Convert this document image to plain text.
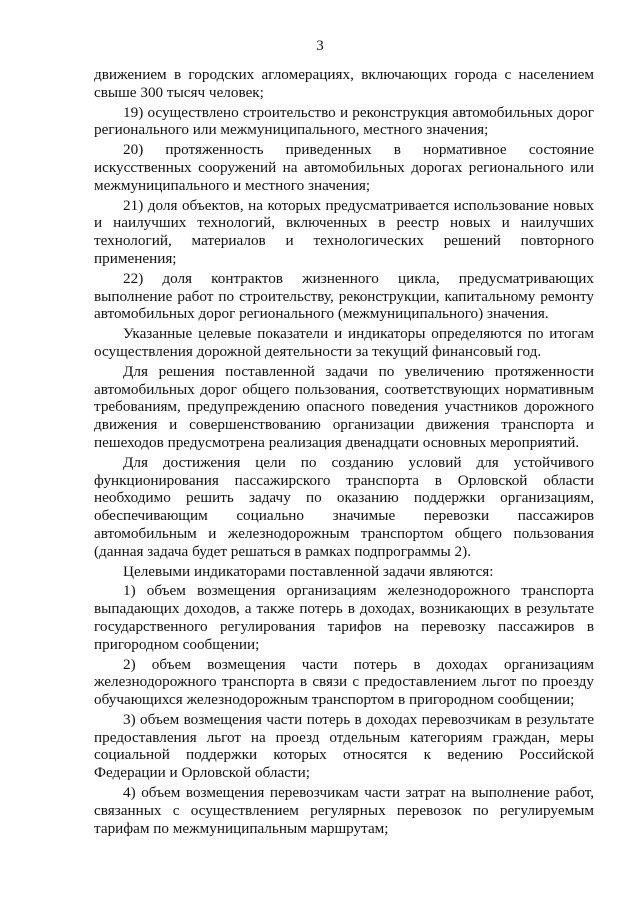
3

движением в городских агломерациях, включающих города с населением свыше 300 тысяч человек;

19) осуществлено строительство и реконструкция автомобильных дорог регионального или межмуниципального, местного значения;

20) протяженность приведенных в нормативное состояние искусственных сооружений на автомобильных дорогах регионального или межмуниципального и местного значения;

21) доля объектов, на которых предусматривается использование новых и наилучших технологий, включенных в реестр новых и наилучших технологий, материалов и технологических решений повторного применения;

22) доля контрактов жизненного цикла, предусматривающих выполнение работ по строительству, реконструкции, капитальному ремонту автомобильных дорог регионального (межмуниципального) значения.

Указанные целевые показатели и индикаторы определяются по итогам осуществления дорожной деятельности за текущий финансовый год.

Для решения поставленной задачи по увеличению протяженности автомобильных дорог общего пользования, соответствующих нормативным требованиям, предупреждению опасного поведения участников дорожного движения и совершенствованию организации движения транспорта и пешеходов предусмотрена реализация двенадцати основных мероприятий.

Для достижения цели по созданию условий для устойчивого функционирования пассажирского транспорта в Орловской области необходимо решить задачу по оказанию поддержки организациям, обеспечивающим социально значимые перевозки пассажиров автомобильным и железнодорожным транспортом общего пользования (данная задача будет решаться в рамках подпрограммы 2).

Целевыми индикаторами поставленной задачи являются:

1) объем возмещения организациям железнодорожного транспорта выпадающих доходов, а также потерь в доходах, возникающих в результате государственного регулирования тарифов на перевозку пассажиров в пригородном сообщении;

2) объем возмещения части потерь в доходах организациям железнодорожного транспорта в связи с предоставлением льгот по проезду обучающихся железнодорожным транспортом в пригородном сообщении;

3) объем возмещения части потерь в доходах перевозчикам в результате предоставления льгот на проезд отдельным категориям граждан, меры социальной поддержки которых относятся к ведению Российской Федерации и Орловской области;

4) объем возмещения перевозчикам части затрат на выполнение работ, связанных с осуществлением регулярных перевозок по регулируемым тарифам по межмуниципальным маршрутам;
